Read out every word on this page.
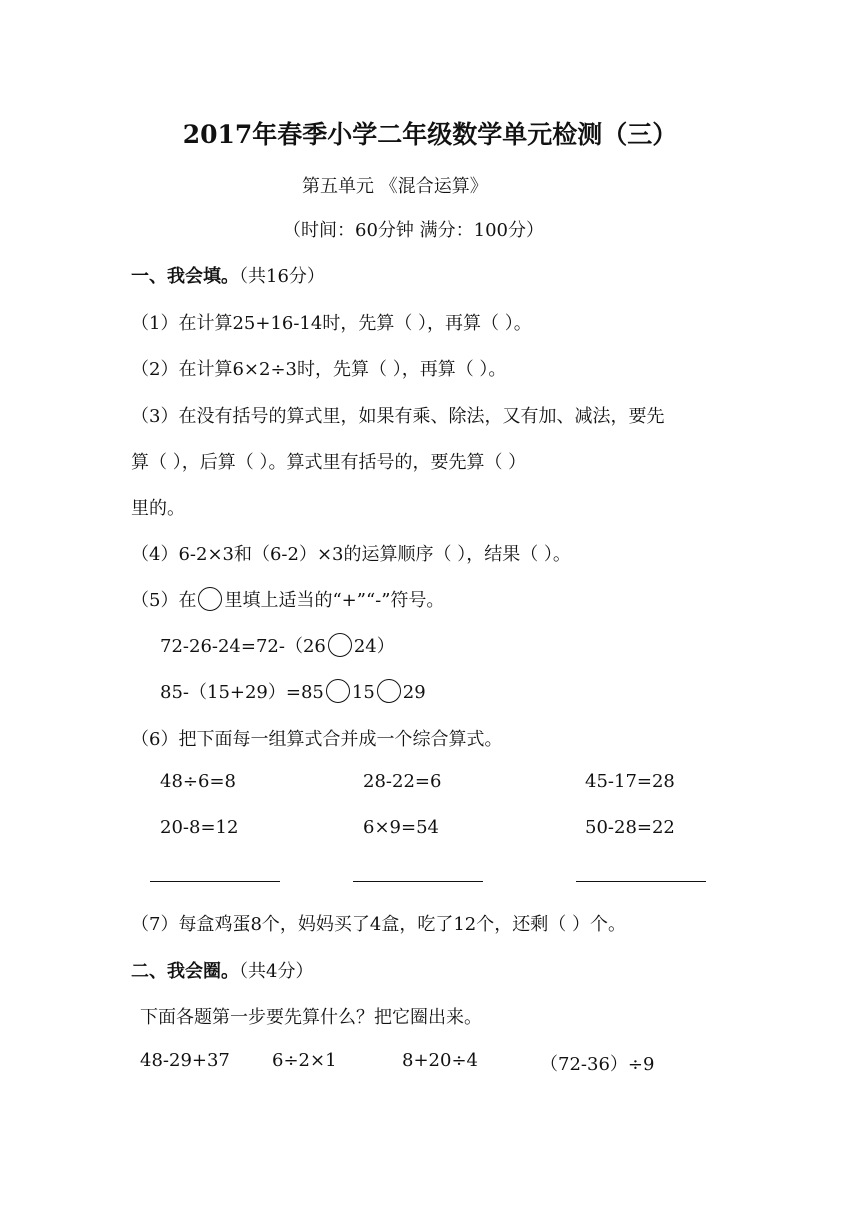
2017年春季小学二年级数学单元检测（三）
第五单元 《混合运算》
（时间：60分钟 满分：100分）
一、我会填。（共16分）
（1）在计算25+16-14时，先算（ ），再算（ ）。
（2）在计算6×2÷3时，先算（ ），再算（ ）。
（3）在没有括号的算式里，如果有乘、除法，又有加、减法，要先
算（ ），后算（ ）。算式里有括号的，要先算（ ）
里的。
（4）6-2×3和（6-2）×3的运算顺序（ ），结果（ ）。
（5）在 里填上适当的“+”“-”符号。
72-26-24=72-（26 24）
85-（15+29）=85 15 29
（6）把下面每一组算式合并成一个综合算式。
48÷6=8	28-22=6	45-17=28
20-8=12	6×9=54	50-28=22
（7）每盒鸡蛋8个，妈妈买了4盒，吃了12个，还剩（ ）个。
二、我会圈。（共4分）
下面各题第一步要先算什么？把它圈出来。
48-29+37 6÷2×1	8+20÷4	（72-36）÷9
